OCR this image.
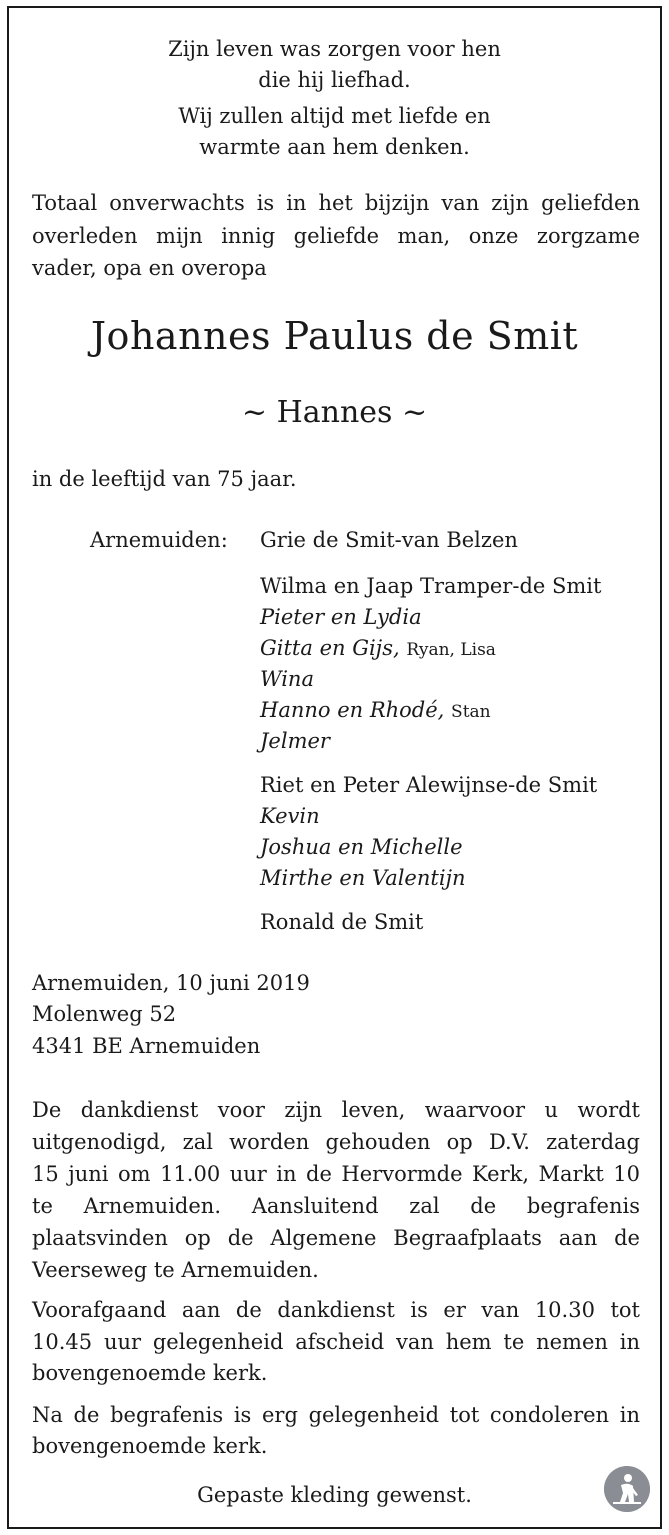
Zijn leven was zorgen voor hen
die hij liefhad.
Wij zullen altijd met liefde en
warmte aan hem denken.
Totaal onverwachts is in het bijzijn van zijn geliefden
overleden mijn innig geliefde man, onze zorgzame
vader, opa en overopa
Johannes Paulus de Smit
~ Hannes ~
in de leeftijd van 75 jaar.
Arnemuiden: Grie de Smit-van Belzen
Wilma en Jaap Tramper-de Smit
Pieter en Lydia
Gitta en Gijs, Ryan, Lisa
Wina
Hanno en Rhodé, Stan
Jelmer
Riet en Peter Alewijnse-de Smit
Kevin
Joshua en Michelle
Mirthe en Valentijn
Ronald de Smit
Arnemuiden, 10 juni 2019
Molenweg 52
4341 BE Arnemuiden
De dankdienst voor zijn leven, waarvoor u wordt
uitgenodigd, zal worden gehouden op D.V. zaterdag
15 juni om 11.00 uur in de Hervormde Kerk, Markt 10
te Arnemuiden. Aansluitend zal de begrafenis
plaatsvinden op de Algemene Begraafplaats aan de
Veerseweg te Arnemuiden.
Voorafgaand aan de dankdienst is er van 10.30 tot
10.45 uur gelegenheid afscheid van hem te nemen in
bovengenoemde kerk.
Na de begrafenis is erg gelegenheid tot condoleren in
bovengenoemde kerk.
Gepaste kleding gewenst.
